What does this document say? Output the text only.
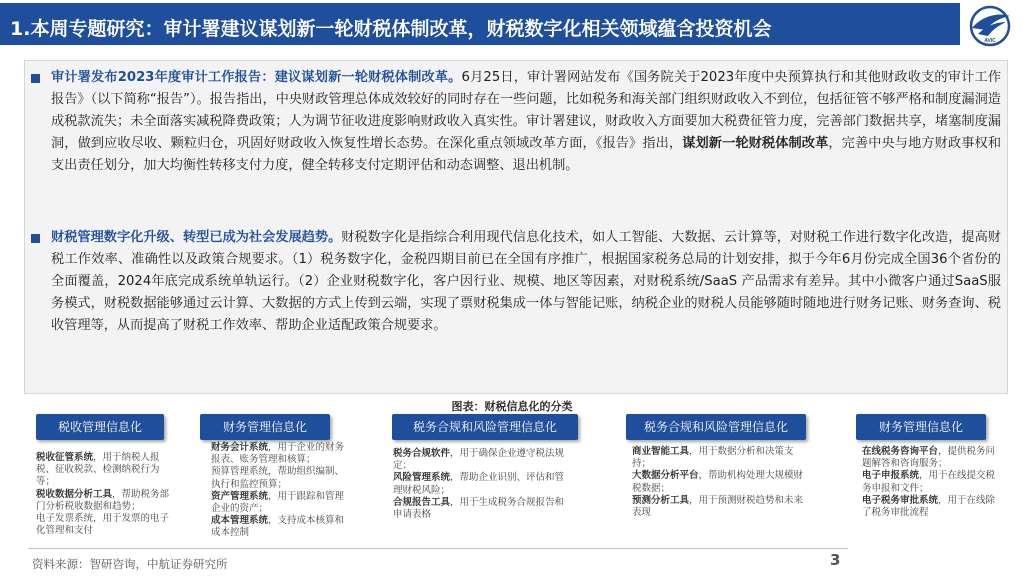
1.本周专题研究：审计署建议谋划新一轮财税体制改革，财税数字化相关领域蕴含投资机会
AVIC

审计署发布2023年度审计工作报告：建议谋划新一轮财税体制改革。6月25日，审计署网站发布《国务院关于2023年度中央预算执行和其他财政收支的审计工作报告》（以下简称“报告”）。报告指出，中央财政管理总体成效较好的同时存在一些问题，比如税务和海关部门组织财政收入不到位，包括征管不够严格和制度漏洞造成税款流失；未全面落实减税降费政策；人为调节征收进度影响财政收入真实性。审计署建议，财政收入方面要加大税费征管力度，完善部门数据共享，堵塞制度漏洞，做到应收尽收、颗粒归仓，巩固好财政收入恢复性增长态势。在深化重点领域改革方面，《报告》指出，谋划新一轮财税体制改革，完善中央与地方财政事权和支出责任划分，加大均衡性转移支付力度，健全转移支付定期评估和动态调整、退出机制。

财税管理数字化升级、转型已成为社会发展趋势。财税数字化是指综合利用现代信息化技术，如人工智能、大数据、云计算等，对财税工作进行数字化改造，提高财税工作效率、准确性以及政策合规要求。（1）税务数字化，金税四期目前已在全国有序推广，根据国家税务总局的计划安排，拟于今年6月份完成全国36个省份的全面覆盖，2024年底完成系统单轨运行。（2）企业财税数字化，客户因行业、规模、地区等因素，对财税系统/SaaS 产品需求有差异。其中小微客户通过SaaS服务模式，财税数据能够通过云计算、大数据的方式上传到云端，实现了票财税集成一体与智能记账，纳税企业的财税人员能够随时随地进行财务记账、财务查询、税收管理等，从而提高了财税工作效率、帮助企业适配政策合规要求。

图表：财税信息化的分类
税收管理信息化	财务管理信息化	税务合规和风险管理信息化	税务合规和风险管理信息化	财务管理信息化
税收征管系统，用于纳税人报税、征收税款、检测纳税行为等；
税收数据分析工具，帮助税务部门分析税收数据和趋势；
电子发票系统，用于发票的电子化管理和支付
财务会计系统，用于企业的财务报表、账务管理和核算；
预算管理系统，帮助组织编制、执行和监控预算；
资产管理系统，用于跟踪和管理企业的资产；
成本管理系统，支持成本核算和成本控制
税务合规软件，用于确保企业遵守税法规定；
风险管理系统，帮助企业识别、评估和管理财税风险；
合规报告工具，用于生成税务合规报告和申请表格
商业智能工具，用于数据分析和决策支持；
大数据分析平台，帮助机构处理大规模财税数据；
预测分析工具，用于预测财税趋势和未来表现
在线税务咨询平台，提供税务问题解答和咨询服务；
电子申报系统，用于在线提交税务申报和文件；
电子税务审批系统，用于在线除了税务审批流程
资料来源：智研咨询，中航证券研究所	3
